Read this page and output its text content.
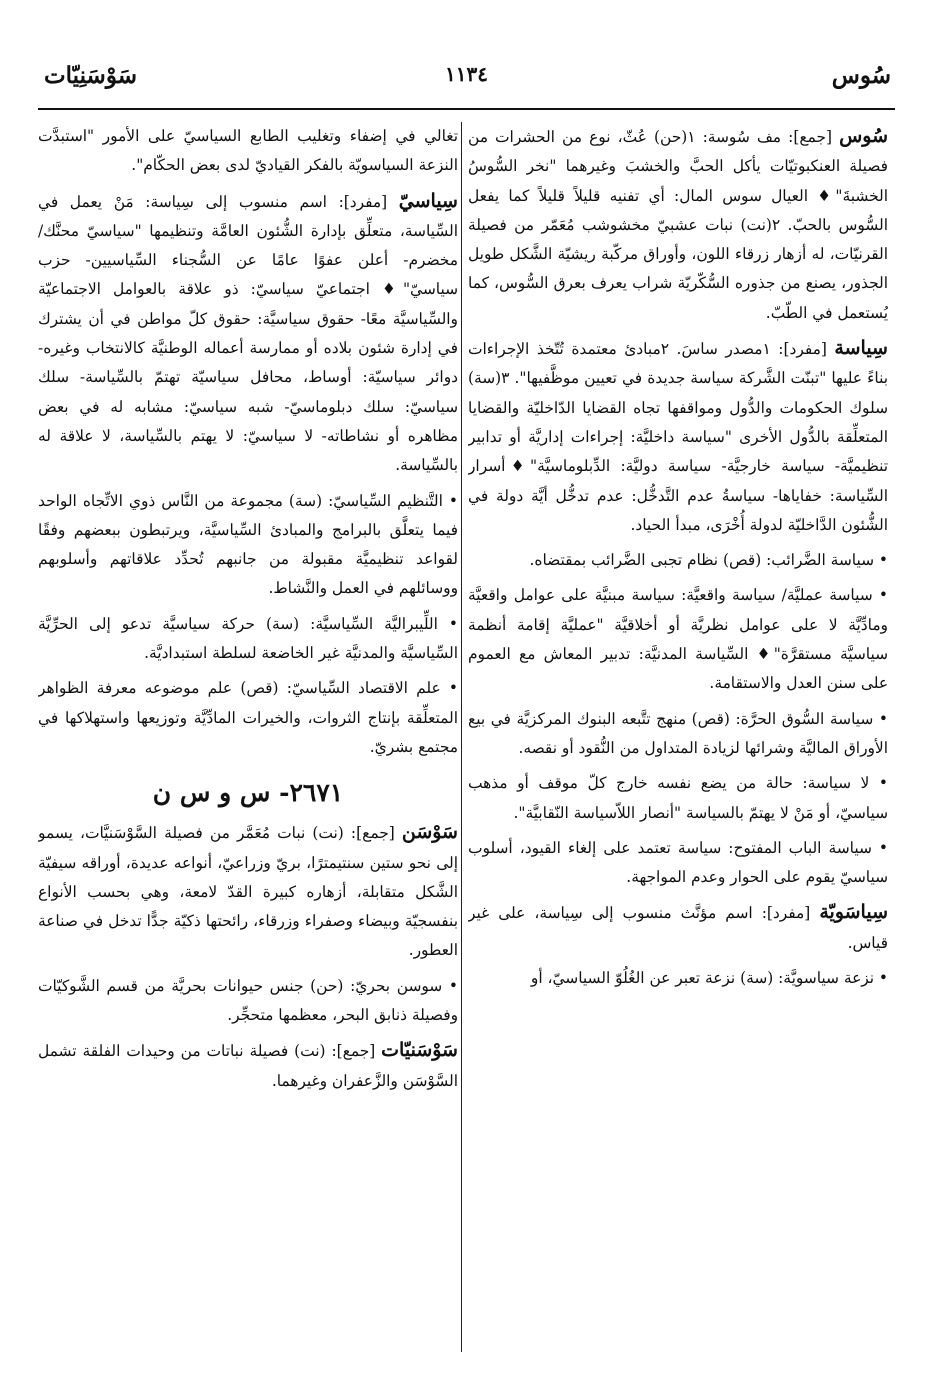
سُوس
١١٣٤
سَوْسَنِيّات

سُوس [جمع]: مف سُوسة: ١(حن) عُثّ، نوع من الحشرات من فصيلة العنكبوتيّات يأكل الحبَّ والخشبَ وغيرهما "نخر السُّوسُ الخشبةَ"♦ العيال سوس المال: أي تفنيه قليلاً قليلاً كما يفعل السُّوس بالحبّ. ٢(نت) نبات عشبيّ مخشوشب مُعَمّر من فصيلة القرنيّات، له أزهار زرقاء اللون، وأوراق مركّبة ريشيّة الشَّكل طويل الجذور، يصنع من جذوره السُّكّريّة شراب يعرف بعرق السُّوس، كما يُستعمل في الطّبّ.

سِياسة [مفرد]: ١مصدر ساسَ. ٢مبادئ معتمدة تُتّخذ الإجراءات بناءً عليها "تبنّت الشَّركة سياسة جديدة في تعيين موظَّفيها". ٣(سة) سلوك الحكومات والدُّول ومواقفها تجاه القضايا الدّاخليّة والقضايا المتعلِّقة بالدُّول الأخرى "سياسة داخليَّة: إجراءات إداريَّة أو تدابير تنظيميَّة- سياسة خارجيَّة- سياسة دوليَّة: الدِّبلوماسيَّة"♦أسرار السِّياسة: خفاياها- سياسةُ عدم التَّدخُّل: عدم تدخُّل أيَّة دولة في الشُّئون الدَّاخليّة لدولة أُخْرَى، مبدأ الحياد.

• سياسة الضَّرائب: (قص) نظام تجبى الضَّرائب بمقتضاه.

• سياسة عمليَّة/ سياسة واقعيَّة: سياسة مبنيَّة على عوامل واقعيَّة ومادِّيَّة لا على عوامل نظريَّة أو أخلاقيَّة "عمليَّة إقامة أنظمة سياسيَّة مستقرَّة"♦ السِّياسة المدنيَّة: تدبير المعاش مع العموم على سنن العدل والاستقامة.

• سياسة السُّوق الحرَّة: (قص) منهج تتَّبعه البنوك المركزيَّة في بيع الأوراق الماليَّة وشرائها لزيادة المتداول من النُّقود أو نقصه.

• لا سياسة: حالة من يضع نفسه خارج كلّ موقف أو مذهب سياسيّ، أو مَنْ لا يهتمّ بالسياسة "أنصار اللاّسياسة النّقابيَّة".

• سياسة الباب المفتوح: سياسة تعتمد على إلغاء القيود، أسلوب سياسيّ يقوم على الحوار وعدم المواجهة.

سِياسَويّة [مفرد]: اسم مؤنَّث منسوب إلى سِياسة، على غير قياس.

• نزعة سياسويَّة: (سة) نزعة تعبر عن الغُلُوّ السياسيّ، أو

تغالي في إضفاء وتغليب الطابع السياسيّ على الأمور "استبدَّت النزعة السياسويّة بالفكر القياديّ لدى بعض الحكّام".

سِياسيّ [مفرد]: اسم منسوب إلى سِياسة: مَنْ يعمل في السِّياسة، متعلِّق بإدارة الشُّئون العامَّة وتنظيمها "سياسيّ محنَّك/ مخضرم- أعلن عفوًا عامًا عن السُّجناء السِّياسيين- حزب سياسيّ"♦ اجتماعيّ سياسيّ: ذو علاقة بالعوامل الاجتماعيّة والسِّياسيَّة معًا- حقوق سياسيَّة: حقوق كلّ مواطن في أن يشترك في إدارة شئون بلاده أو ممارسة أعماله الوطنيَّة كالانتخاب وغيره- دوائر سياسيّة: أوساط، محافل سياسيّة تهتمّ بالسِّياسة- سلك سياسيّ: سلك دبلوماسيّ- شبه سياسيّ: مشابه له في بعض مظاهره أو نشاطاته- لا سياسيّ: لا يهتم بالسِّياسة، لا علاقة له بالسِّياسة.

• التَّنظيم السِّياسيّ: (سة) مجموعة من النَّاس ذوي الاتِّجاه الواحد فيما يتعلَّق بالبرامج والمبادئ السِّياسيَّة، ويرتبطون ببعضهم وفقًا لقواعد تنظيميَّة مقبولة من جانبهم تُحدِّد علاقاتهم وأسلوبهم ووسائلهم في العمل والنَّشاط.

• اللِّيبراليَّة السِّياسيَّة: (سة) حركة سياسيَّة تدعو إلى الحرِّيَّة السِّياسيَّة والمدنيَّة غير الخاضعة لسلطة استبداديَّة.

• علم الاقتصاد السِّياسيّ: (قص) علم موضوعه معرفة الظواهر المتعلِّقة بإنتاج الثروات، والخيرات المادِّيَّة وتوزيعها واستهلاكها في مجتمع بشريّ.

٢٦٧١- س و س ن

سَوْسَن [جمع]: (نت) نبات مُعَمَّر من فصيلة السَّوْسَنيَّات، يسمو إلى نحو ستين سنتيمترًا، بريّ وزراعيّ، أنواعه عديدة، أوراقه سيفيّة الشَّكل متقابلة، أزهاره كبيرة القدّ لامعة، وهي بحسب الأنواع بنفسجيّة وبيضاء وصفراء وزرقاء، رائحتها ذكيّة جدًّا تدخل في صناعة العطور.

• سوسن بحريّ: (حن) جنس حيوانات بحريَّة من قسم الشَّوكيّات وفصيلة ذنابق البحر، معظمها متحجِّر.

سَوْسَنيّات [جمع]: (نت) فصيلة نباتات من وحيدات الفلقة تشمل السَّوْسَن والزَّعفران وغيرهما.
